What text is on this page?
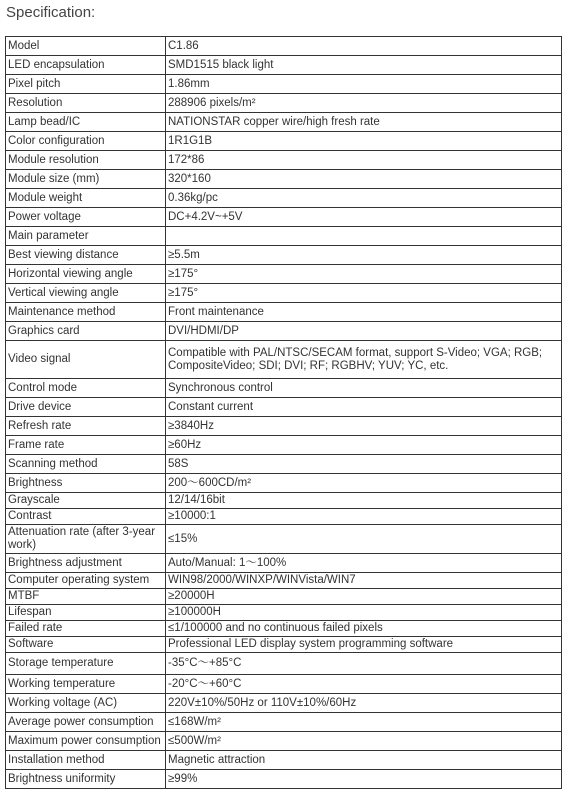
Specification:
Model	C1.86
LED encapsulation	SMD1515 black light
Pixel pitch	1.86mm
Resolution	288906 pixels/m²
Lamp bead/IC	NATIONSTAR copper wire/high fresh rate
Color configuration	1R1G1B
Module resolution	172*86
Module size (mm)	320*160
Module weight	0.36kg/pc
Power voltage	DC+4.2V~+5V
Main parameter	
Best viewing distance	≥5.5m
Horizontal viewing angle	≥175°
Vertical viewing angle	≥175°
Maintenance method	Front maintenance
Graphics card	DVI/HDMI/DP
Video signal	Compatible with PAL/NTSC/SECAM format, support S-Video; VGA; RGB; CompositeVideo; SDI; DVI; RF; RGBHV; YUV; YC, etc.
Control mode	Synchronous control
Drive device	Constant current
Refresh rate	≥3840Hz
Frame rate	≥60Hz
Scanning method	58S
Brightness	200～600CD/m²
Grayscale	12/14/16bit
Contrast	≥10000:1
Attenuation rate (after 3-year work)	≤15%
Brightness adjustment	Auto/Manual: 1～100%
Computer operating system	WIN98/2000/WINXP/WINVista/WIN7
MTBF	≥20000H
Lifespan	≥100000H
Failed rate	≤1/100000 and no continuous failed pixels
Software	Professional LED display system programming software
Storage temperature	-35°C～+85°C
Working temperature	-20°C～+60°C
Working voltage (AC)	220V±10%/50Hz or 110V±10%/60Hz
Average power consumption	≤168W/m²
Maximum power consumption	≤500W/m²
Installation method	Magnetic attraction
Brightness uniformity	≥99%
